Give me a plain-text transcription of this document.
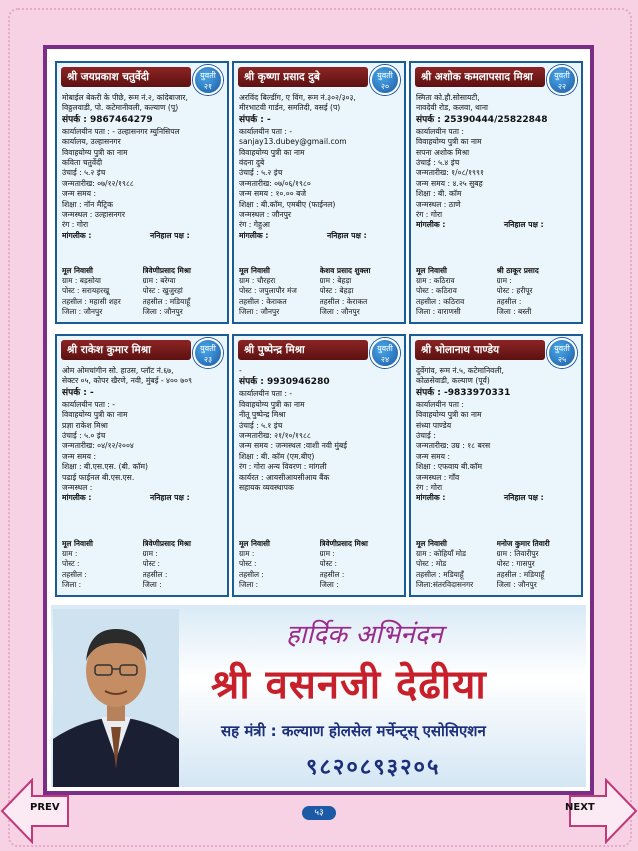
श्री जयप्रकाश चतुर्वेदी	युवती
२१
मोबाईल बेकरी के पीछे, रूम नं.२, कांदेबाजार,
विठ्ठलवाडी, पो. कटेमानीवली, कल्याण (पू)
संपर्क : 9867464279
कार्यालयीन पता : - उल्हासनगर म्युनिसिपल
कार्यालय, उल्हासनगर
विवाहयोग्य पुत्री का नाम
कविता चतुर्वेदी
उंचाई : ५.२ इंच
जन्मतारीख: ०७/१२/१९८८
जन्म समय :
शिक्षा : नॉन मैट्रिक
जन्मस्थल : उल्हासनगर
रंग : गोरा
मांगलीक :	ननिहाल पक्ष :
मूल निवासी	त्रिवेणीप्रसाद मिश्रा
ग्राम : बड़सोया	ग्राम : बरेग्वा
पोस्ट : सरायहरखू	पोस्ट : खुजुरहां
तहसील : महासी शहर	तहसील : मडियाहूँ
जिला : जौनपुर	जिला : जौनपुर
श्री कृष्णा प्रसाद दुबे	युवती
२०
अरविंद बिल्डींग, ए विंग, रूम नं.३०२/३०३,
मीरभाटवी गार्डन, समतिदी, वसई (प)
संपर्क : -
कार्यालयीन पता : -
sanjay13.dubey@gmail.com
विवाहयोग्य पुत्री का नाम
वंदना दुबे
उंचाई : ५.२ इंच
जन्मतारीख: ०७/०६/१९८०
जन्म समय : १०.०० बजे
शिक्षा : बी.कॉम, एमबीए (फाईनल)
जन्मस्थल : जौनपुर
रंग : गेहुआ
मांगलीक :	ननिहाल पक्ष :
मूल निवासी	केशव प्रसाद शुक्ला
ग्राम : चौरहरा	ग्राम : बेहड़ा
पोस्ट : जपुलापौर मंज	पोस्ट : बेहड़ा
तहसील : केराकत	तहसील : केराकत
जिला : जौनपुर	जिला : जौनपुर
श्री अशोक कमलापसाद मिश्रा	युवती
२२
स्मिता को.हौ.सोसायटी,
नावदेवी रोड, कलवा, थाना
संपर्क : 25390444/25822848
कार्यालयीन पता :
विवाहयोग्य पुत्री का नाम
सपना अशोक मिश्रा
उंचाई : ५.४ इंच
जन्मतारीख: १/०८/१९९१
जन्म समय : ४.२५ सुबह
शिक्षा : बी. कॉम
जन्मस्थल : ठाणे
रंग : गोरा
मांगलीक :	ननिहाल पक्ष :
मूल निवासी	श्री ठाकूर प्रसाद
ग्राम : कठिराव	ग्राम :
पोस्ट : कठिराव	पोस्ट : हरीपूर
तहसील : कठिराव	तहसील :
जिला : वाराणसी	जिला : बस्ती
श्री राकेश कुमार मिश्रा	युवती
२३
ओम ओमचांगीन सो. हाउस, प्लॉट नं.६७,
सेक्टर ०५, कोपर खैरणे, नवी, मुंबई - ४०० ७०९
संपर्क : -
कार्यालयीन पता : -
विवाहयोग्य पुत्री का नाम
प्रज्ञा राकेश मिश्रा
उंचाई : ५.० इंच
जन्मतारीख: ०४/१२/२००४
जन्म समय :
शिक्षा : बी.एस.एस. (बी. कॉम)
पढाई फाईनल बी.एस.एस.
जन्मस्थल :
मांगलीक :	ननिहाल पक्ष :
मूल निवासी	त्रिवेणीप्रसाद मिश्रा
ग्राम :	ग्राम :
पोस्ट :	पोस्ट :
तहसील :	तहसील :
जिला :	जिला :
श्री पुष्पेन्द्र मिश्रा	युवती
२४
-
संपर्क : 9930946280
कार्यालयीन पता : -
विवाहयोग्य पुत्री का नाम
नीतू पुष्पेन्द्र मिश्रा
उंचाई : ५.१ इंच
जन्मतारीख: २१/१०/१९८८
जन्म समय : जन्मस्थल :वाशी नवी मुंबई
शिक्षा : बी. कॉम (एम.बीए)
रंग : गोरा अन्य विवरण : मांगली
कार्यरत : आयसीआयसीआय बैंक
सहायक व्यवस्थापक
मूल निवासी	त्रिवेणीप्रसाद मिश्रा
ग्राम :	ग्राम :
पोस्ट :	पोस्ट :
तहसील :	तहसील :
जिला :	जिला :
श्री भोलानाथ पाण्डेय	युवती
२५
दुर्वेगांव, रूम नं.५, कटेमानिवली,
कोळसेवाडी, कल्याण (पूर्व)
संपर्क : -9833970331
कार्यालयीन पता :
विवाहयोग्य पुत्री का नाम
संध्या पाण्डेय
उंचाई :
जन्मतारीख: उम्र : १८ बरस
जन्म समय :
शिक्षा : एफवाय बी.कॉम
जन्मस्थल : गाँव
रंग : गोरा
मांगलीक :	ननिहाल पक्ष :
मूल निवासी	मनोज कुमार तिवारी
ग्राम : कोहियाँ मोड	ग्राम : तिवारीपुर
पोस्ट : मोड	पोस्ट : गासपुर
तहसील : मडियाहूँ	तहसील : मडियाहूँ
जिला:संतरविदासनगर	जिला : जौनपुर
हार्दिक अभिनंदन
श्री वसनजी देढीया
सह मंत्री : कल्याण होलसेल मर्चेन्ट्स् एसोसिएशन
९८२०८९३२०५
५३
PREV	NEXT
